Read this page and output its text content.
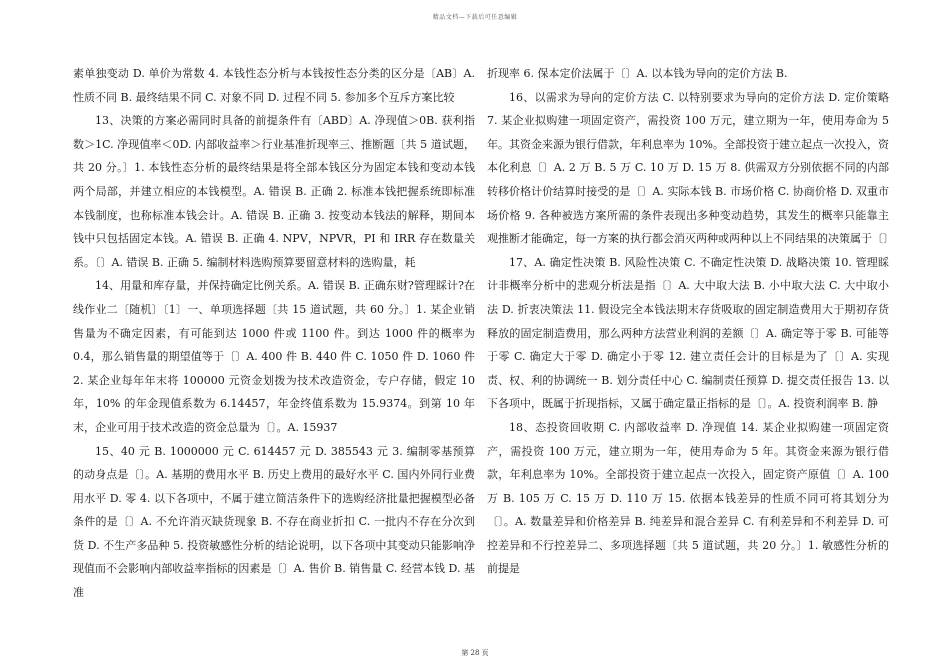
精品文档—下载后可任意编辑

素单独变动 D. 单价为常数 4. 本钱性态分析与本钱按性态分类的区分是〔AB〕A. 性质不同 B. 最终结果不同 C. 对象不同 D. 过程不同 5. 参加多个互斥方案比较

13、决策的方案必需同时具备的前提条件有〔ABD〕A. 净现值＞0B. 获利指数＞1C. 净现值率＜0D. 内部收益率＞行业基准折现率三、推断题〔共 5 道试题，共 20 分。〕1. 本钱性态分析的最终结果是将全部本钱区分为固定本钱和变动本钱两个局部，并建立相应的本钱模型。A. 错误 B. 正确 2. 标准本钱把握系统即标准本钱制度，也称标准本钱会计。A. 错误 B. 正确 3. 按变动本钱法的解释，期间本钱中只包括固定本钱。A. 错误 B. 正确 4. NPV，NPVR，PI 和 IRR 存在数量关系。〔〕A. 错误 B. 正确 5. 编制材料选购预算要留意材料的选购量，耗

14、用量和库存量，并保持确定比例关系。A. 错误 B. 正确东财?管理睬计?在线作业二〔随机〕〔1〕一、单项选择题〔共 15 道试题，共 60 分。〕1. 某企业销售量为不确定因素，有可能到达 1000 件或 1100 件。到达 1000 件的概率为 0.4，那么销售量的期望值等于〔〕A. 400 件 B. 440 件 C. 1050 件 D. 1060 件 2. 某企业每年年末将 100000 元资金划拨为技术改造资金，专户存储，假定 10 年，10% 的年金现值系数为 6.14457，年金终值系数为 15.9374。到第 10 年末，企业可用于技术改造的资金总量为〔〕。A. 15937

15、40 元 B. 1000000 元 C. 614457 元 D. 385543 元 3. 编制零基预算的动身点是〔〕。A. 基期的费用水平 B. 历史上费用的最好水平 C. 国内外同行业费用水平 D. 零 4. 以下各项中，不属于建立简洁条件下的选购经济批量把握模型必备条件的是〔〕A. 不允许消灭缺货现象 B. 不存在商业折扣 C. 一批内不存在分次到货 D. 不生产多品种 5. 投资敏感性分析的结论说明，以下各项中其变动只能影响净现值而不会影响内部收益率指标的因素是〔〕A. 售价 B. 销售量 C. 经营本钱 D. 基准

折现率 6. 保本定价法属于〔〕A. 以本钱为导向的定价方法 B.

16、以需求为导向的定价方法 C. 以特别要求为导向的定价方法 D. 定价策略 7. 某企业拟购建一项固定资产，需投资 100 万元，建立期为一年，使用寿命为 5 年。其资金来源为银行借款，年利息率为 10%。全部投资于建立起点一次投入，资本化利息〔〕A. 2 万 B. 5 万 C. 10 万 D. 15 万 8. 供需双方分别依据不同的内部转移价格计价结算时接受的是〔〕A. 实际本钱 B. 市场价格 C. 协商价格 D. 双重市场价格 9. 各种被选方案所需的条件表现出多种变动趋势，其发生的概率只能靠主观推断才能确定，每一方案的执行都会消灭两种或两种以上不同结果的决策属于〔〕

17、A. 确定性决策 B. 风险性决策 C. 不确定性决策 D. 战略决策 10. 管理睬计非概率分析中的悲观分析法是指〔〕A. 大中取大法 B. 小中取大法 C. 大中取小法 D. 折衷决策法 11. 假设完全本钱法期末存货吸取的固定制造费用大于期初存货释放的固定制造费用，那么两种方法营业利润的差额〔〕A. 确定等于零 B. 可能等于零 C. 确定大于零 D. 确定小于零 12. 建立责任会计的目标是为了〔〕A. 实现责、权、利的协调统一 B. 划分责任中心 C. 编制责任预算 D. 提交责任报告 13. 以下各项中，既属于折现指标，又属于确定量正指标的是〔〕。A. 投资利润率 B. 静

18、态投资回收期 C. 内部收益率 D. 净现值 14. 某企业拟购建一项固定资产，需投资 100 万元，建立期为一年，使用寿命为 5 年。其资金来源为银行借款，年利息率为 10%。全部投资于建立起点一次投入，固定资产原值〔〕A. 100 万 B. 105 万 C. 15 万 D. 110 万 15. 依据本钱差异的性质不同可将其划分为〔〕。A. 数量差异和价格差异 B. 纯差异和混合差异 C. 有利差异和不利差异 D. 可控差异和不行控差异二、多项选择题〔共 5 道试题，共 20 分。〕1. 敏感性分析的前提是

第 28 页
